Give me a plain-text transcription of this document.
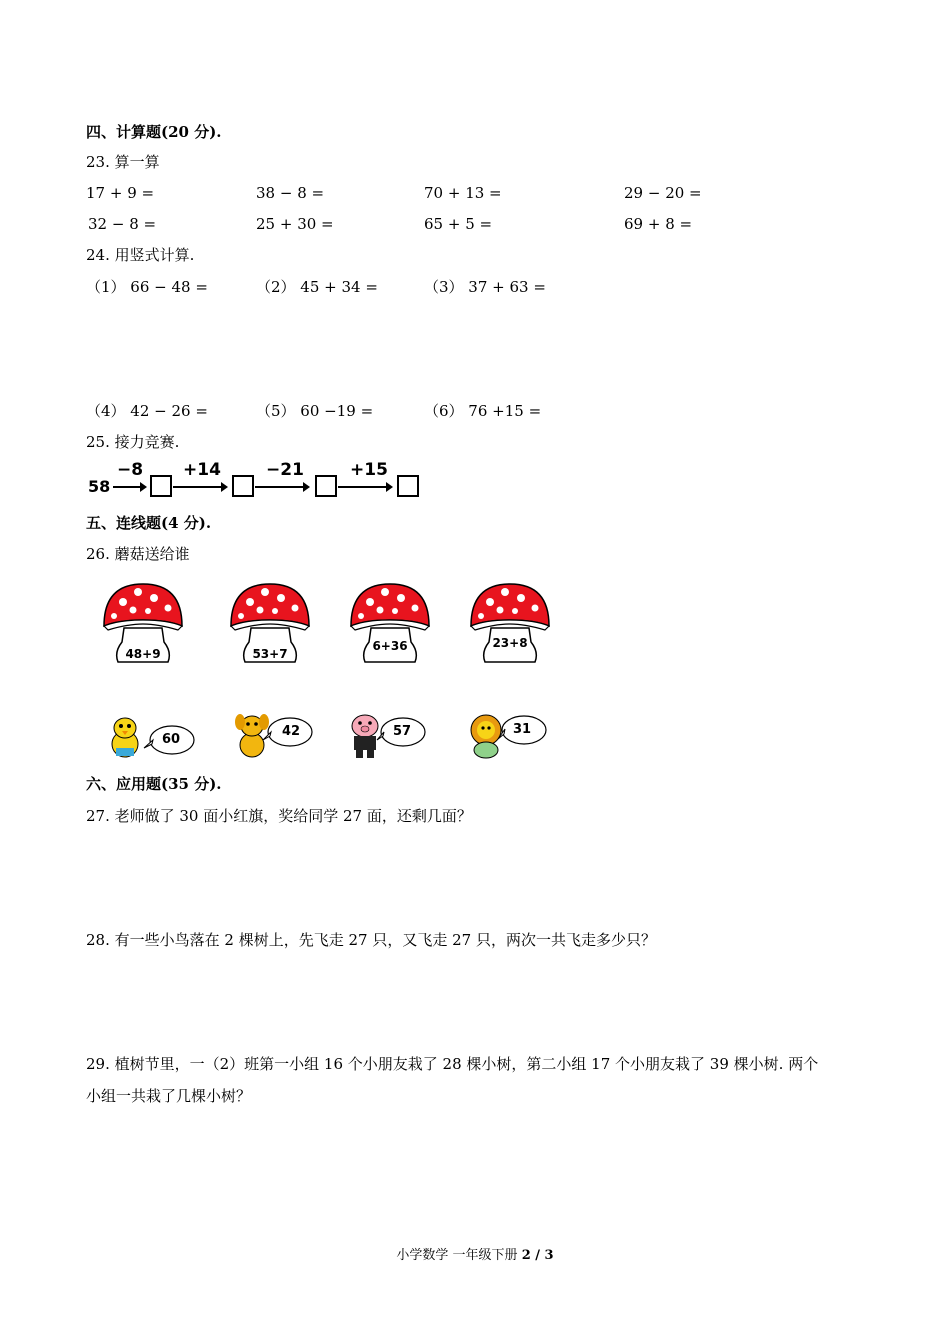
四、计算题(20 分).
23. 算一算
17 + 9 =	38 − 8 =	70 + 13 =	29 − 20 =
32 − 8 =	25 + 30 =	65 + 5 =	69 + 8 =
24. 用竖式计算.
（1） 66 − 48 =	（2） 45 + 34 =	（3） 37 + 63 =
（4） 42 − 26 =	（5） 60 −19 =	（6） 76 +15 =
25. 接力竞赛.
58
−8 +14	−21	+15
五、连线题(4 分).
26. 蘑菇送给谁
48+9	53+7
6+36	23+8
60
42	57	31
六、应用题(35 分).
27. 老师做了 30 面小红旗，奖给同学 27 面，还剩几面？
28. 有一些小鸟落在 2 棵树上，先飞走 27 只，又飞走 27 只，两次一共飞走多少只？
29. 植树节里，一（2）班第一小组 16 个小朋友栽了 28 棵小树，第二小组 17 个小朋友栽了 39 棵小树. 两个
小组一共栽了几棵小树？
小学数学 一年级下册 2 / 3
